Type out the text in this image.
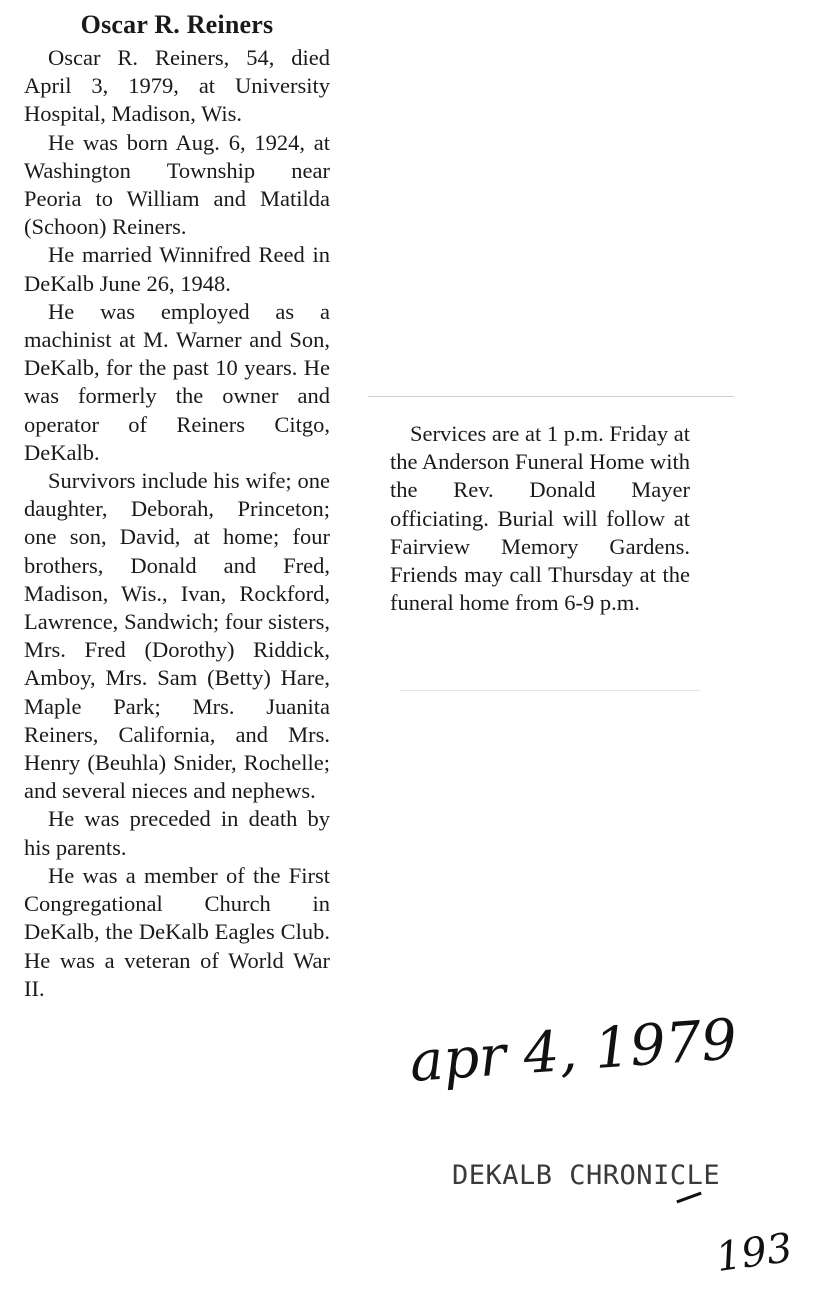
Oscar R. Reiners

Oscar R. Reiners, 54, died April 3, 1979, at University Hospital, Madison, Wis.

He was born Aug. 6, 1924, at Washington Township near Peoria to William and Matilda (Schoon) Reiners.

He married Winnifred Reed in DeKalb June 26, 1948.

He was employed as a machinist at M. Warner and Son, DeKalb, for the past 10 years. He was formerly the owner and operator of Reiners Citgo, DeKalb.

Survivors include his wife; one daughter, Deborah, Princeton; one son, David, at home; four brothers, Donald and Fred, Madison, Wis., Ivan, Rockford, Lawrence, Sandwich; four sisters, Mrs. Fred (Dorothy) Riddick, Amboy, Mrs. Sam (Betty) Hare, Maple Park; Mrs. Juanita Reiners, California, and Mrs. Henry (Beuhla) Snider, Rochelle; and several nieces and nephews.

He was preceded in death by his parents.

He was a member of the First Congregational Church in DeKalb, the DeKalb Eagles Club. He was a veteran of World War II.

Services are at 1 p.m. Friday at the Anderson Funeral Home with the Rev. Donald Mayer officiating. Burial will follow at Fairview Memory Gardens. Friends may call Thursday at the funeral home from 6-9 p.m.

apr 4, 1979
DEKALB CHRONICLE
193
